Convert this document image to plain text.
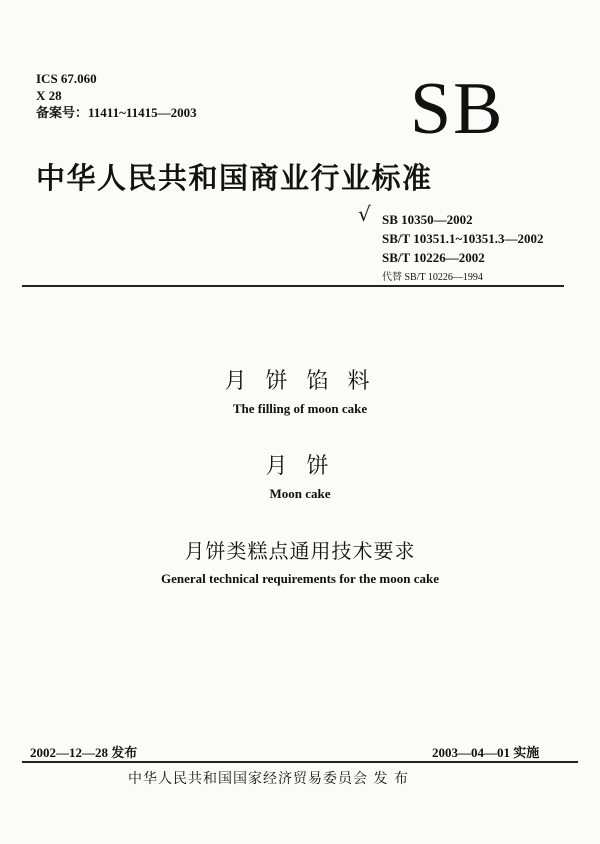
ICS 67.060
X 28
备案号：11411~11415—2003	SB
中华人民共和国商业行业标准
√ SB 10350—2002
SB/T 10351.1~10351.3—2002
SB/T 10226—2002
代替 SB/T 10226—1994
月 饼 馅 料
The filling of moon cake
月 饼
Moon cake
月饼类糕点通用技术要求
General technical requirements for the moon cake
2002—12—28 发布	2003—04—01 实施
中华人民共和国国家经济贸易委员会 发 布
